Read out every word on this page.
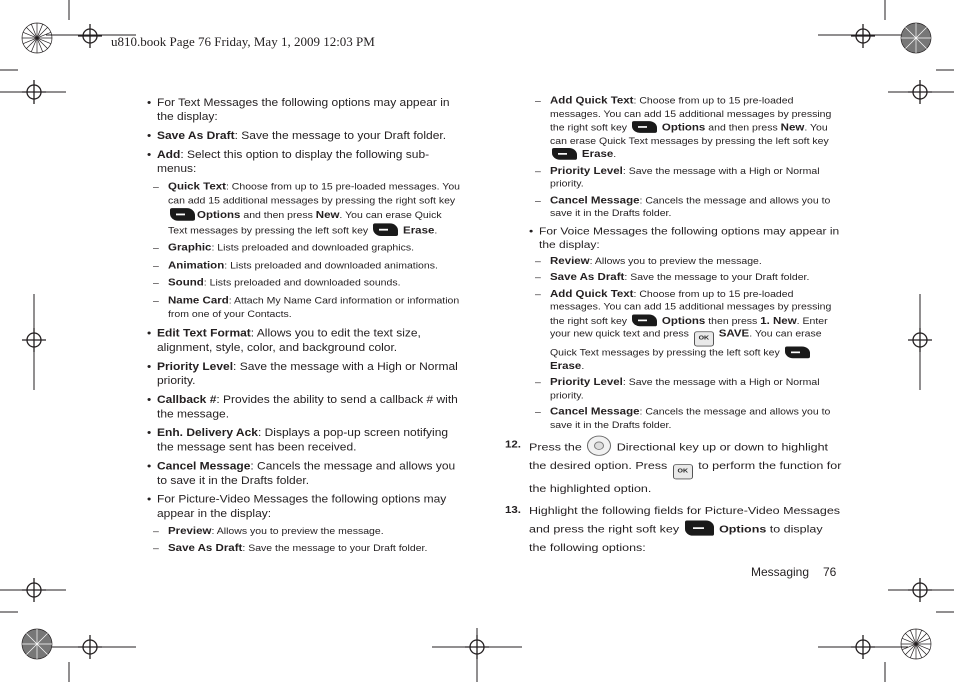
u810.book Page 76 Friday, May 1, 2009 12:03 PM
• For Text Messages the following options may appear in the display:
• Save As Draft: Save the message to your Draft folder.
• Add: Select this option to display the following sub-menus:
– Quick Text: Choose from up to 15 pre-loaded messages. You can add 15 additional messages by pressing the right soft key Options and then press New. You can erase Quick Text messages by pressing the left soft key	Erase.
– Graphic: Lists preloaded and downloaded graphics.
– Animation: Lists preloaded and downloaded animations.
– Sound: Lists preloaded and downloaded sounds.
– Name Card: Attach My Name Card information or information from one of your Contacts.
• Edit Text Format: Allows you to edit the text size, alignment, style, color, and background color.
• Priority Level: Save the message with a High or Normal priority.
• Callback #: Provides the ability to send a callback # with the message.
• Enh. Delivery Ack: Displays a pop-up screen notifying the message sent has been received.
• Cancel Message: Cancels the message and allows you to save it in the Drafts folder.
• For Picture-Video Messages the following options may appear in the display:
– Preview: Allows you to preview the message.
– Save As Draft: Save the message to your Draft folder.
– Add Quick Text: Choose from up to 15 pre-loaded messages. You can add 15 additional messages by pressing the right soft key	Options and then press New. You can erase Quick Text messages by pressing the left soft key  Erase.
– Priority Level: Save the message with a High or Normal priority.
– Cancel Message: Cancels the message and allows you to save it in the Drafts folder.
• For Voice Messages the following options may appear in the display:
– Review: Allows you to preview the message.
– Save As Draft: Save the message to your Draft folder.
– Add Quick Text: Choose from up to 15 pre-loaded messages. You can add 15 additional messages by pressing the right soft key	Options then press 1. New. Enter your new quick text and press OK SAVE. You can erase Quick Text messages by pressing the left soft key  Erase.
– Priority Level: Save the message with a High or Normal priority.
– Cancel Message: Cancels the message and allows you to save it in the Drafts folder.
12. Press the	Directional key up or down to highlight the desired option. Press OK to perform the function for the highlighted option.
13. Highlight the following fields for Picture-Video Messages and press the right soft key	Options to display the following options:
Messaging 76
